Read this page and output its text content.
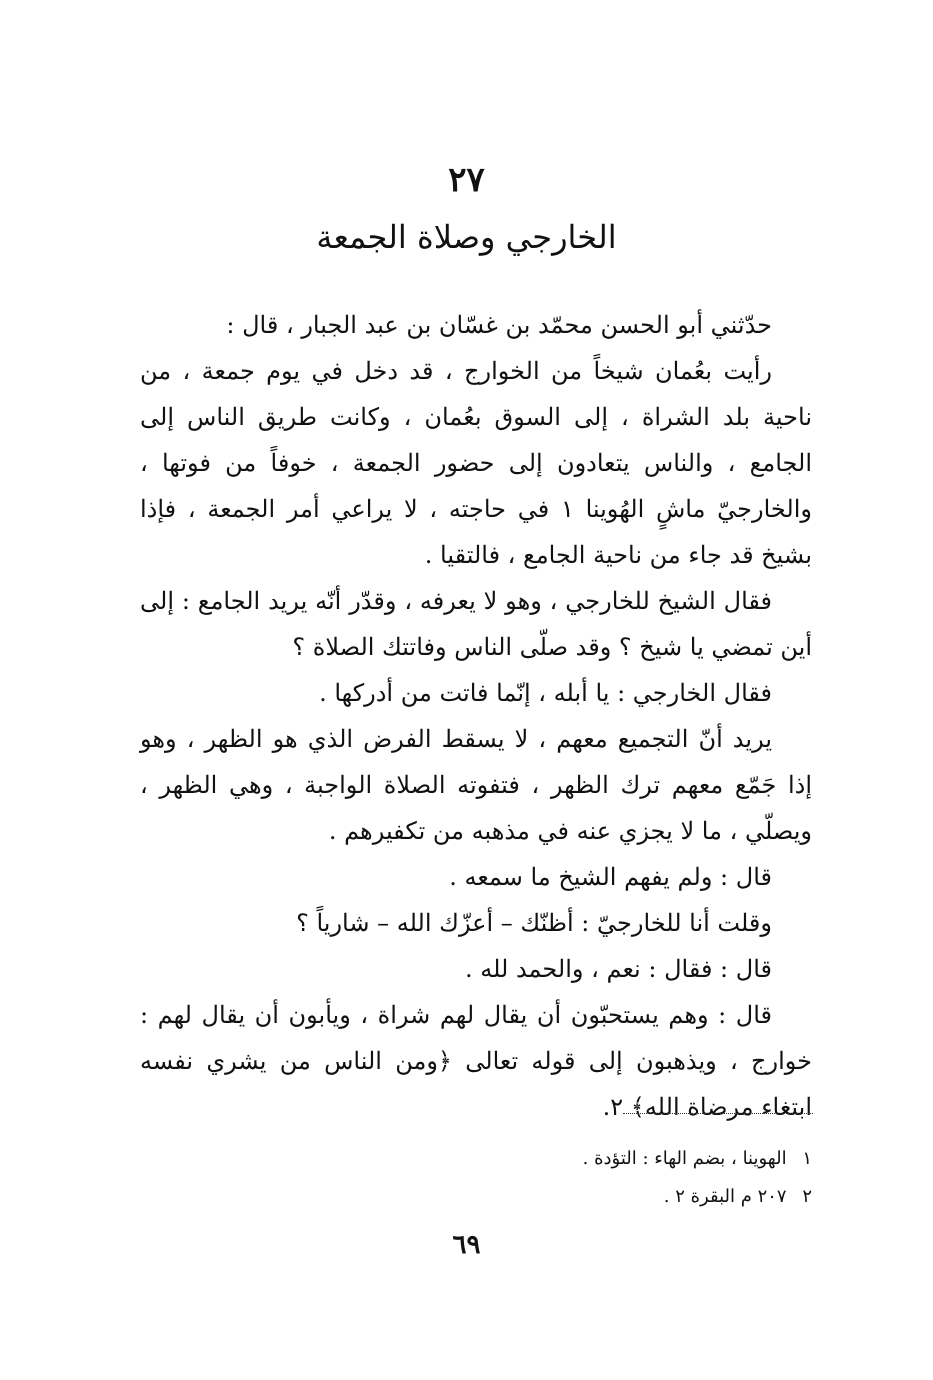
٢٧
الخارجي وصلاة الجمعة

حدّثني أبو الحسن محمّد بن غسّان بن عبد الجبار ، قال :

رأيت بعُمان شيخاً من الخوارج ، قد دخل في يوم جمعة ، من ناحية بلد الشراة ، إلى السوق بعُمان ، وكانت طريق الناس إلى الجامع ، والناس يتعادون إلى حضور الجمعة ، خوفاً من فوتها ، والخارجيّ ماشٍ الهُوينا ١ في حاجته ، لا يراعي أمر الجمعة ، فإذا بشيخ قد جاء من ناحية الجامع ، فالتقيا .

فقال الشيخ للخارجي ، وهو لا يعرفه ، وقدّر أنّه يريد الجامع : إلى أين تمضي يا شيخ ؟ وقد صلّى الناس وفاتتك الصلاة ؟

فقال الخارجي : يا أبله ، إنّما فاتت من أدركها .

يريد أنّ التجميع معهم ، لا يسقط الفرض الذي هو الظهر ، وهو إذا جَمّع معهم ترك الظهر ، فتفوته الصلاة الواجبة ، وهي الظهر ، ويصلّي ، ما لا يجزي عنه في مذهبه من تكفيرهم .

قال : ولم يفهم الشيخ ما سمعه .

وقلت أنا للخارجيّ : أظنّك – أعزّك الله – شارياً ؟

قال : فقال : نعم ، والحمد لله .

قال : وهم يستحبّون أن يقال لهم شراة ، ويأبون أن يقال لهم : خوارج ، ويذهبون إلى قوله تعالى ﴿ومن الناس من يشري نفسه ابتغاء مرضاة الله﴾ ٢.

١ الهوينا ، بضم الهاء : التؤدة .
٢ ٢٠٧ م البقرة ٢ .
٦٩
